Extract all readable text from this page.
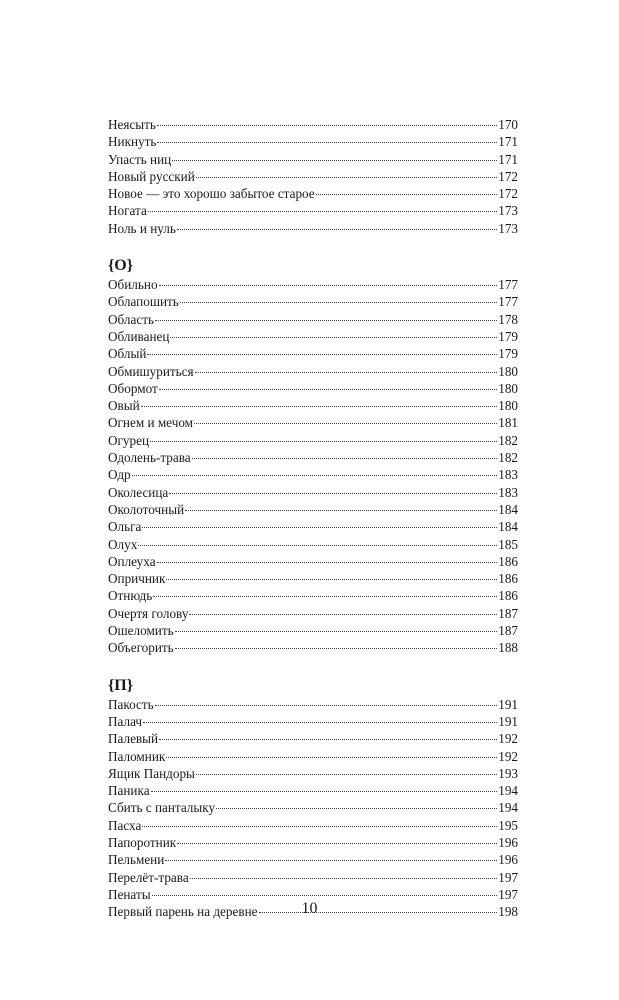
Неясыть	170
Никнуть	171
Упасть ниц	171
Новый русский	172
Новое — это хорошо забытое старое	172
Ногата	173
Ноль и нуль	173
{О}
Обильно	177
Облапошить	177
Область	178
Обливанец	179
Облый	179
Обмишуриться	180
Обормот	180
Овый	180
Огнем и мечом	181
Огурец	182
Одолень-трава	182
Одр	183
Околесица	183
Околоточный	184
Ольга	184
Олух	185
Оплеуха	186
Опричник	186
Отнюдь	186
Очертя голову	187
Ошеломить	187
Объегорить	188
{П}
Пакость	191
Палач	191
Палевый	192
Паломник	192
Ящик Пандоры	193
Паника	194
Сбить с панталыку	194
Пасха	195
Папоротник	196
Пельмени	196
Перелёт-трава	197
Пенаты	197
Первый парень на деревне	198
10
